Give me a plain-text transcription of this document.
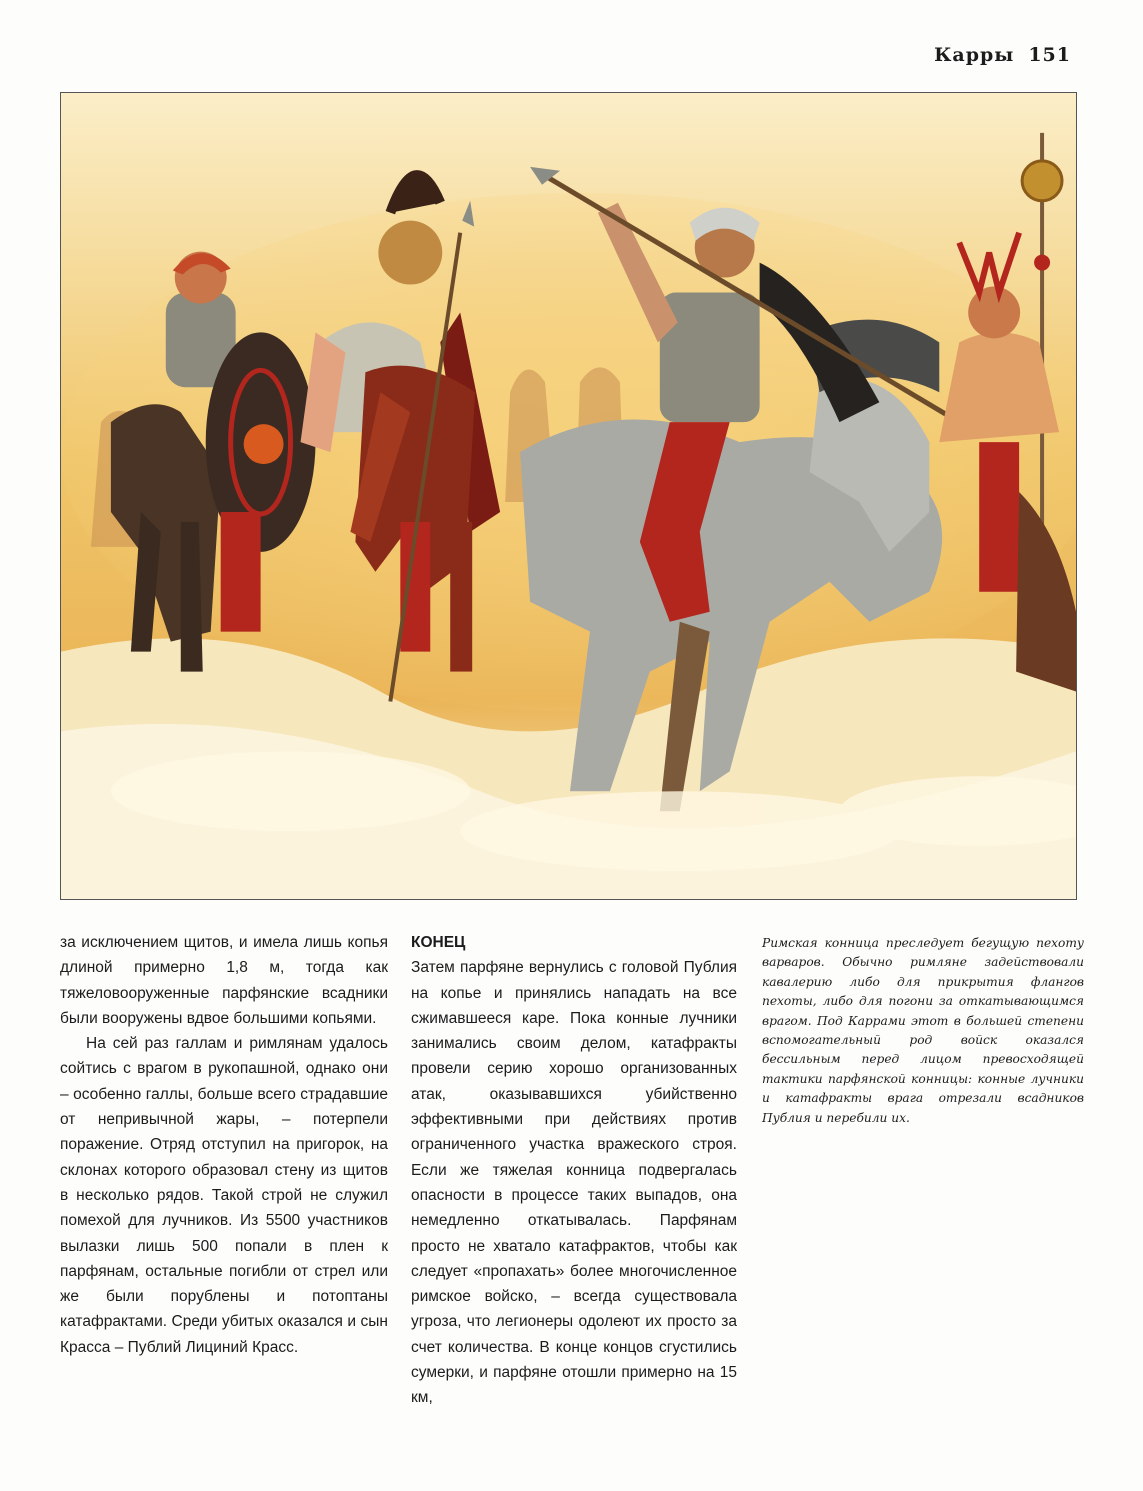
Карры 151

за исключением щитов, и имела лишь копья длиной примерно 1,8 м, тогда как тяжеловооруженные парфянские всадники были вооружены вдвое большими копьями.

На сей раз галлам и римлянам удалось сойтись с врагом в рукопашной, однако они – особенно галлы, больше всего страдавшие от непривычной жары, – потерпели поражение. Отряд отступил на пригорок, на склонах которого образовал стену из щитов в несколько рядов. Такой строй не служил помехой для лучников. Из 5500 участников вылазки лишь 500 попали в плен к парфянам, остальные погибли от стрел или же были порублены и потоптаны катафрактами. Среди убитых оказался и сын Красса – Публий Лициний Красс.

КОНЕЦ

Затем парфяне вернулись с головой Публия на копье и принялись нападать на все сжимавшееся каре. Пока конные лучники занимались своим делом, катафракты провели серию хорошо организованных атак, оказывавшихся убийственно эффективными при действиях против ограниченного участка вражеского строя. Если же тяжелая конница подвергалась опасности в процессе таких выпадов, она немедленно откатывалась. Парфянам просто не хватало катафрактов, чтобы как следует «пропахать» более многочисленное римское войско, – всегда существовала угроза, что легионеры одолеют их просто за счет количества. В конце концов сгустились сумерки, и парфяне отошли примерно на 15 км,

Римская конница преследует бегущую пехоту варваров. Обычно римляне задействовали кавалерию либо для прикрытия флангов пехоты, либо для погони за откатывающимся врагом. Под Каррами этот в большей степени вспомогательный род войск оказался бессильным перед лицом превосходящей тактики парфянской конницы: конные лучники и катафракты врага отрезали всадников Публия и перебили их.
